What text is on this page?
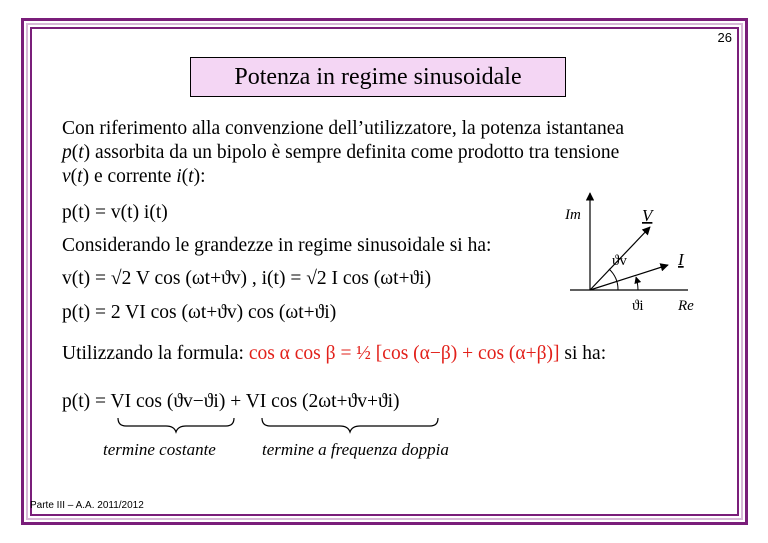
26
Potenza in regime sinusoidale
Con riferimento alla convenzione dell’utilizzatore, la potenza istantanea
p(t) assorbita da un bipolo è sempre definita come prodotto tra tensione
v(t) e corrente i(t):
p(t) = v(t) i(t)
Considerando le grandezze in regime sinusoidale si ha:
v(t) = √2 V cos (ωt+ϑv) , i(t) = √2 I cos (ωt+ϑi)
p(t) = 2 VI cos (ωt+ϑv) cos (ωt+ϑi)
Utilizzando la formula: cos α cos β = ½ [cos (α−β) + cos (α+β)] si ha:
p(t) = VI cos (ϑv−ϑi) + VI cos (2ωt+ϑv+ϑi)
termine costante	termine a frequenza doppia
Im
Re
V
I
ϑv
ϑi
Parte III – A.A. 2011/2012
